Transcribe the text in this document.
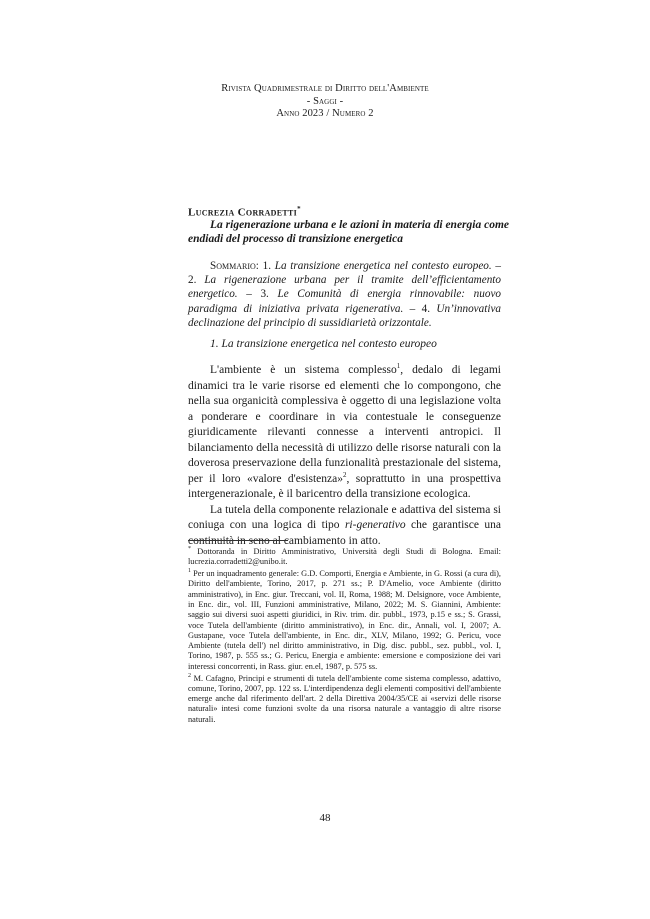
Rivista Quadrimestrale di Diritto dell'Ambiente
- Saggi -
Anno 2023 / Numero 2
Lucrezia Corradetti*
La rigenerazione urbana e le azioni in materia di energia come
endiadi del processo di transizione energetica
Sommario: 1. La transizione energetica nel contesto europeo. – 2. La rigenerazione urbana per il tramite dell’efficientamento energetico. – 3. Le Comunità di energia rinnovabile: nuovo paradigma di iniziativa privata rigenerativa. – 4. Un’innovativa declinazione del principio di sussidiarietà orizzontale.
1. La transizione energetica nel contesto europeo

L'ambiente è un sistema complesso$^1$, dedalo di legami dinamici tra le varie risorse ed elementi che lo compongono, che nella sua organicità complessiva è oggetto di una legislazione volta a ponderare e coordinare in via contestuale le conseguenze giuridicamente rilevanti connesse a interventi antropici. Il bilanciamento della necessità di utilizzo delle risorse naturali con la doverosa preservazione della funzionalità prestazionale del sistema, per il loro «valore d'esistenza»$^2$, soprattutto in una prospettiva intergenerazionale, è il baricentro della transizione ecologica.

La tutela della componente relazionale e adattiva del sistema si coniuga con una logica di tipo ri-generativo che garantisce una continuità in seno al cambiamento in atto.

* Dottoranda in Diritto Amministrativo, Università degli Studi di Bologna. Email: lucrezia.corradetti2@unibo.it.

$^1$ Per un inquadramento generale: G.D. Comporti, Energia e Ambiente, in G. Rossi (a cura di), Diritto dell'ambiente, Torino, 2017, p. 271 ss.; P. D'Amelio, voce Ambiente (diritto amministrativo), in Enc. giur. Treccani, vol. II, Roma, 1988; M. Delsignore, voce Ambiente, in Enc. dir., vol. III, Funzioni amministrative, Milano, 2022; M. S. Giannini, Ambiente: saggio sui diversi suoi aspetti giuridici, in Riv. trim. dir. pubbl., 1973, p.15 e ss.; S. Grassi, voce Tutela dell'ambiente (diritto amministrativo), in Enc. dir., Annali, vol. I, 2007; A. Gustapane, voce Tutela dell'ambiente, in Enc. dir., XLV, Milano, 1992; G. Pericu, voce Ambiente (tutela dell') nel diritto amministrativo, in Dig. disc. pubbl., sez. pubbl., vol. I, Torino, 1987, p. 555 ss.; G. Pericu, Energia e ambiente: emersione e composizione dei vari interessi concorrenti, in Rass. giur. en.el, 1987, p. 575 ss.

$^2$ M. Cafagno, Principi e strumenti di tutela dell'ambiente come sistema complesso, adattivo, comune, Torino, 2007, pp. 122 ss. L'interdipendenza degli elementi compositivi dell'ambiente emerge anche dal riferimento dell'art. 2 della Direttiva 2004/35/CE ai «servizi delle risorse naturali» intesi come funzioni svolte da una risorsa naturale a vantaggio di altre risorse naturali.

48
